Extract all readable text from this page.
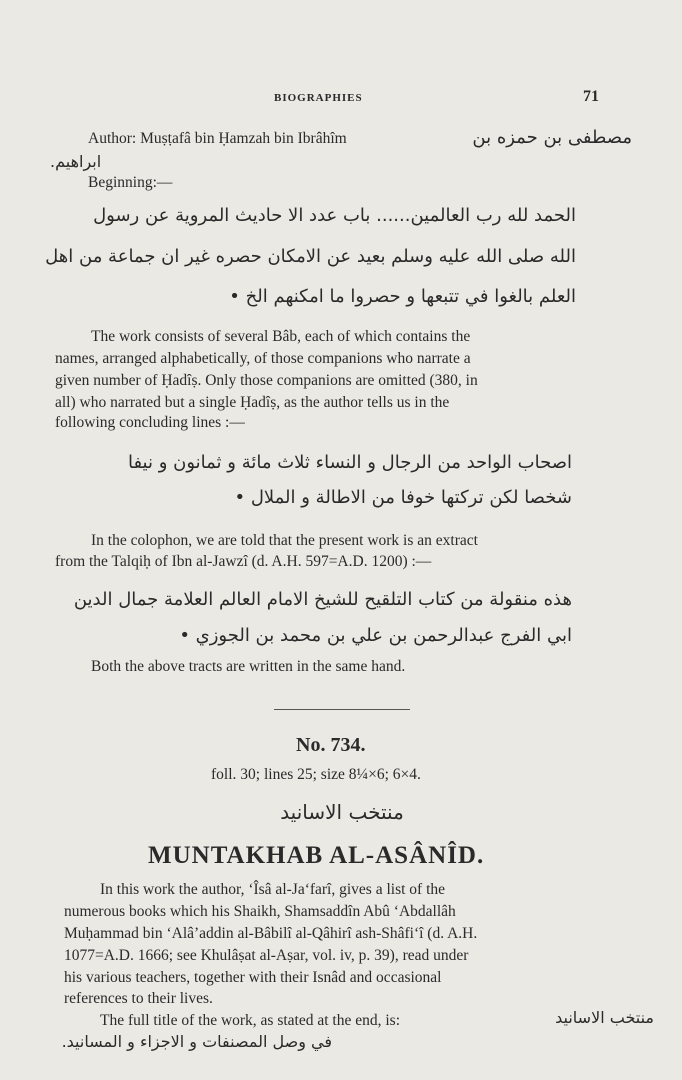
BIOGRAPHIES	71
Author: Muṣṭafâ bin Ḥamzah bin Ibrâhîm	مصطفى بن حمزه بن
ابراهيم.
Beginning:—
الحمد لله رب العالمين...... باب عدد الا حاديث المروية عن رسول
الله صلى الله عليه وسلم بعيد عن الامكان حصره غير ان جماعة من اهل
العلم بالغوا في تتبعها و حصروا ما امكنهم الخ •
The work consists of several Bâb, each of which contains the
names, arranged alphabetically, of those companions who narrate a
given number of Ḥadîṣ. Only those companions are omitted (380, in
all) who narrated but a single Ḥadîṣ, as the author tells us in the
following concluding lines :—
اصحاب الواحد من الرجال و النساء ثلاث مائة و ثمانون و نيفا
شخصا لكن تركتها خوفا من الاطالة و الملال •
In the colophon, we are told that the present work is an extract
from the Talqiḥ of Ibn al-Jawzî (d. A.H. 597=A.D. 1200) :—
هذه منقولة من كتاب التلقيح للشيخ الامام العالم العلامة جمال الدين
ابي الفرج عبدالرحمن بن علي بن محمد بن الجوزي •
Both the above tracts are written in the same hand.
No. 734.
foll. 30; lines 25; size 8¼×6; 6×4.
منتخب الاسانيد
MUNTAKHAB AL-ASÂNÎD.
In this work the author, ‘Îsâ al-Ja‘farî, gives a list of the
numerous books which his Shaikh, Shamsaddîn Abû ‘Abdallâh
Muḥammad bin ‘Alâ’addin al-Bâbilî al-Qâhirî ash-Shâfi‘î (d. A.H.
1077=A.D. 1666; see Khulâṣat al-Aṣar, vol. iv, p. 39), read under
his various teachers, together with their Isnâd and occasional
references to their lives.
The full title of the work, as stated at the end, is:	منتخب الاسانيد
في وصل المصنفات و الاجزاء و المسانيد.
